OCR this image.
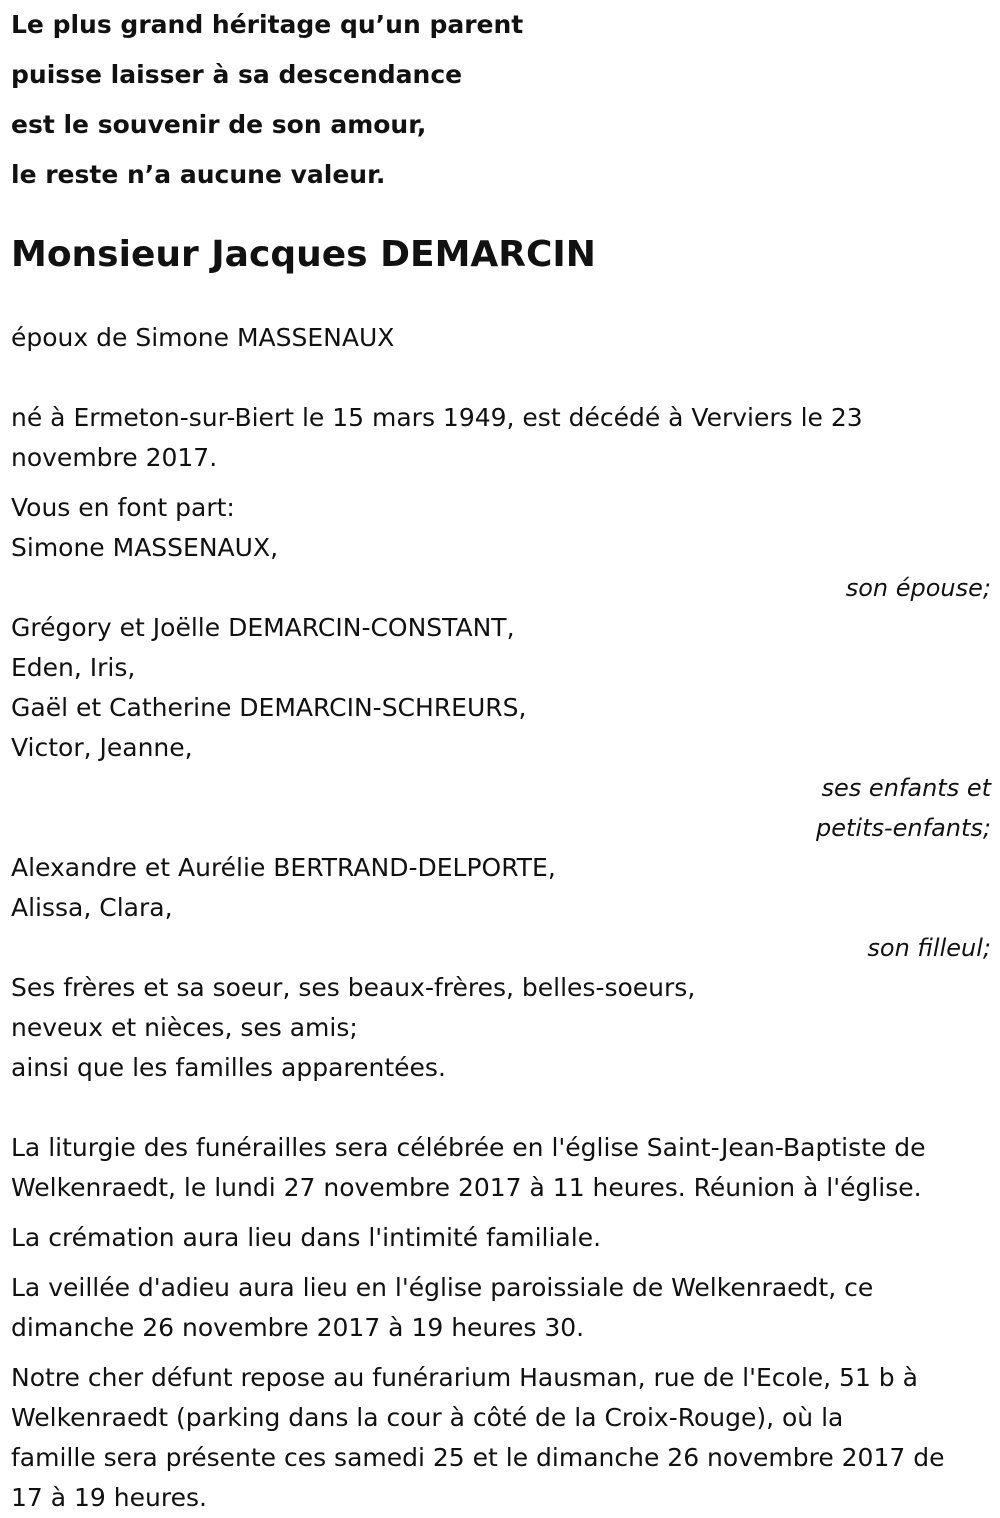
Le plus grand héritage qu’un parent
puisse laisser à sa descendance
est le souvenir de son amour,
le reste n’a aucune valeur.
Monsieur Jacques DEMARCIN
époux de Simone MASSENAUX
né à Ermeton-sur-Biert le 15 mars 1949, est décédé à Verviers le 23
novembre 2017.
Vous en font part:
Simone MASSENAUX,
son épouse;
Grégory et Joëlle DEMARCIN-CONSTANT,
Eden, Iris,
Gaël et Catherine DEMARCIN-SCHREURS,
Victor, Jeanne,
ses enfants et
petits-enfants;
Alexandre et Aurélie BERTRAND-DELPORTE,
Alissa, Clara,
son filleul;
Ses frères et sa soeur, ses beaux-frères, belles-soeurs,
neveux et nièces, ses amis;
ainsi que les familles apparentées.
La liturgie des funérailles sera célébrée en l'église Saint-Jean-Baptiste de
Welkenraedt, le lundi 27 novembre 2017 à 11 heures. Réunion à l'église.
La crémation aura lieu dans l'intimité familiale.
La veillée d'adieu aura lieu en l'église paroissiale de Welkenraedt, ce
dimanche 26 novembre 2017 à 19 heures 30.
Notre cher défunt repose au funérarium Hausman, rue de l'Ecole, 51 b à
Welkenraedt (parking dans la cour à côté de la Croix-Rouge), où la
famille sera présente ces samedi 25 et le dimanche 26 novembre 2017 de
17 à 19 heures.
